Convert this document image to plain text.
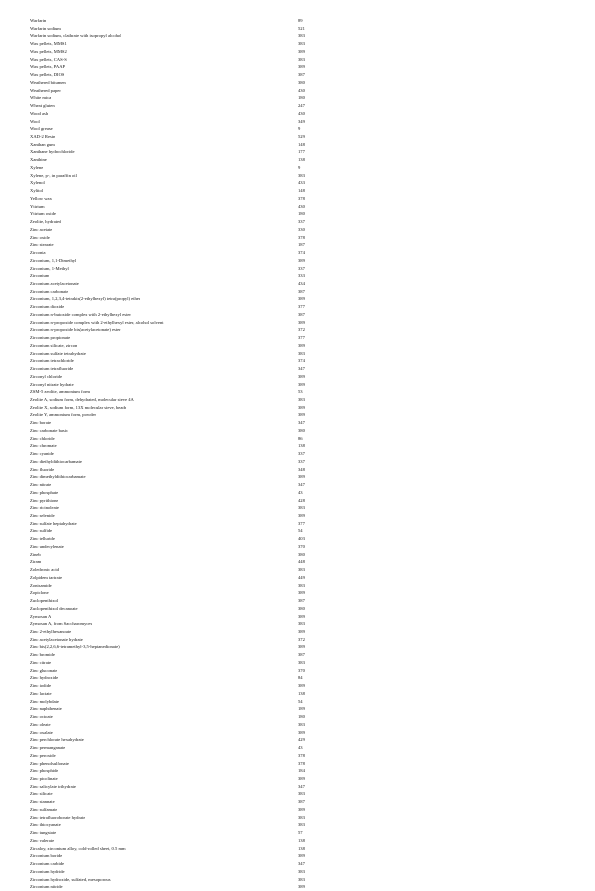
Warfarin	89
Warfarin sodium	521
Warfarin sodium, clathrate with isopropyl alcohol	383
Wax pellets, MMS1	383
Wax pellets, MMS2	389
Wax pellets, CAS-S	383
Wax pellets, PAAP	389
Wax pellets, DIOS	387
Weathered bitumen	380
Weathered paper	430
White mica	180
Wheat gluten	247
Wood ash	430
Wool	349
Wool grease	9
XAD-2 Resin	529
Xanthan gum	148
Xanthane hydrochloride	177
Xanthine	138
Xylene	9
Xylene, p-, in paraffin oil	383
Xylenol	433
Xylitol	148
Yellow wax	378
Yttrium	430
Yttrium oxide	180
Zeolite, hydrated	337
Zinc acetate	330
Zinc oxide	378
Zinc stearate	187
Zirconia	374
Zirconium, 1,1-Dimethyl	389
Zirconium, 1-Methyl	337
Zirconium	333
Zirconium acetylacetonate	434
Zirconium carbonate	387
Zirconium, 1,2,3,4-tetrakis(2-ethylhexyl) tetra(propyl) ether	389
Zirconium dioxide	377
Zirconium n-butoxide complex with 2-ethylhexyl ester	387
Zirconium n-propoxide complex with 2-ethylhexyl ester, alcohol solvent	389
Zirconium n-propoxide bis(acetylacetonate) ester	372
Zirconium propionate	377
Zirconium silicate, zircon	389
Zirconium sulfate tetrahydrate	383
Zirconium tetrachloride	374
Zirconium tetrafluoride	347
Zirconyl chloride	389
Zirconyl nitrate hydrate	389
ZSM-5 zeolite, ammonium form	53
Zeolite A, sodium form, dehydrated, molecular sieve 4A	383
Zeolite X, sodium form, 13X molecular sieve, beads	389
Zeolite Y, ammonium form, powder	389
Zinc borate	347
Zinc carbonate basic	380
Zinc chloride	86
Zinc chromate	138
Zinc cyanide	337
Zinc diethyldithiocarbamate	337
Zinc fluoride	348
Zinc dimethyldithiocarbamate	389
Zinc nitrate	347
Zinc phosphate	43
Zinc pyrithione	428
Zinc ricinoleate	383
Zinc selenide	389
Zinc sulfate heptahydrate	377
Zinc sulfide	54
Zinc telluride	403
Zinc undecylenate	370
Zineb	380
Ziram	448
Zoledronic acid	383
Zolpidem tartrate	449
Zonisamide	383
Zopiclone	389
Zuclopenthixol	387
Zuclopenthixol decanoate	380
Zymosan A	389
Zymosan A, from Saccharomyces	383
Zinc 2-ethylhexanoate	389
Zinc acetylacetonate hydrate	372
Zinc bis(2,2,6,6-tetramethyl-3,5-heptanedionate)	389
Zinc bromide	387
Zinc citrate	383
Zinc gluconate	370
Zinc hydroxide	84
Zinc iodide	389
Zinc lactate	138
Zinc molybdate	54
Zinc naphthenate	189
Zinc octoate	180
Zinc oleate	383
Zinc oxalate	389
Zinc perchlorate hexahydrate	429
Zinc permanganate	43
Zinc peroxide	378
Zinc phenolsulfonate	378
Zinc phosphide	184
Zinc picolinate	389
Zinc salicylate trihydrate	347
Zinc silicate	383
Zinc stannate	387
Zinc sulfamate	389
Zinc tetrafluoroborate hydrate	383
Zinc thiocyanate	383
Zinc tungstate	57
Zinc valerate	138
Zircaloy, zirconium alloy, cold-rolled sheet, 0.5 mm	138
Zirconium boride	389
Zirconium carbide	347
Zirconium hydride	383
Zirconium hydroxide, sulfated, mesoporous	383
Zirconium nitride	389
